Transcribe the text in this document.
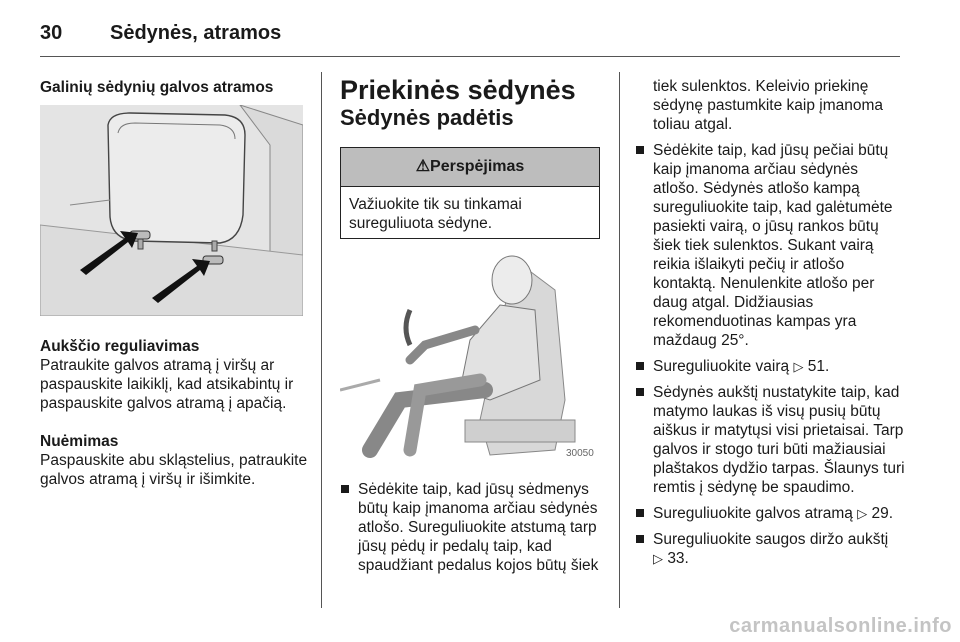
30 Sėdynės, atramos

Galinių sėdynių galvos atramos

Aukščio reguliavimas

Patraukite galvos atramą į viršų ar paspauskite laikiklį, kad atsikabintų ir paspauskite galvos atramą į apačią.

Nuėmimas

Paspauskite abu skląstelius, patraukite galvos atramą į viršų ir išimkite.

Priekinės sėdynės

Sėdynės padėtis

⚠Perspėjimas
Važiuokite tik su tinkamai sureguliuota sėdyne.
30050
Sėdėkite taip, kad jūsų sėdmenys būtų kaip įmanoma arčiau sėdynės atlošo. Sureguliuokite atstumą tarp jūsų pėdų ir pedalų taip, kad spaudžiant pedalus kojos būtų šiek

tiek sulenktos. Keleivio priekinę sėdynę pastumkite kaip įmanoma toliau atgal.

Sėdėkite taip, kad jūsų pečiai būtų kaip įmanoma arčiau sėdynės atlošo. Sėdynės atlošo kampą sureguliuokite taip, kad galėtumėte pasiekti vairą, o jūsų rankos būtų šiek tiek sulenktos. Sukant vairą reikia išlaikyti pečių ir atlošo kontaktą. Nenulenkite atlošo per daug atgal. Didžiausias rekomenduotinas kampas yra maždaug 25°.
Sureguliuokite vairą ▷ 51.
Sėdynės aukštį nustatykite taip, kad matymo laukas iš visų pusių būtų aiškus ir matytųsi visi prietaisai. Tarp galvos ir stogo turi būti mažiausiai plaštakos dydžio tarpas. Šlaunys turi remtis į sėdynę be spaudimo.
Sureguliuokite galvos atramą ▷ 29.
Sureguliuokite saugos diržo aukštį
▷ 33.
carmanualsonline.info
